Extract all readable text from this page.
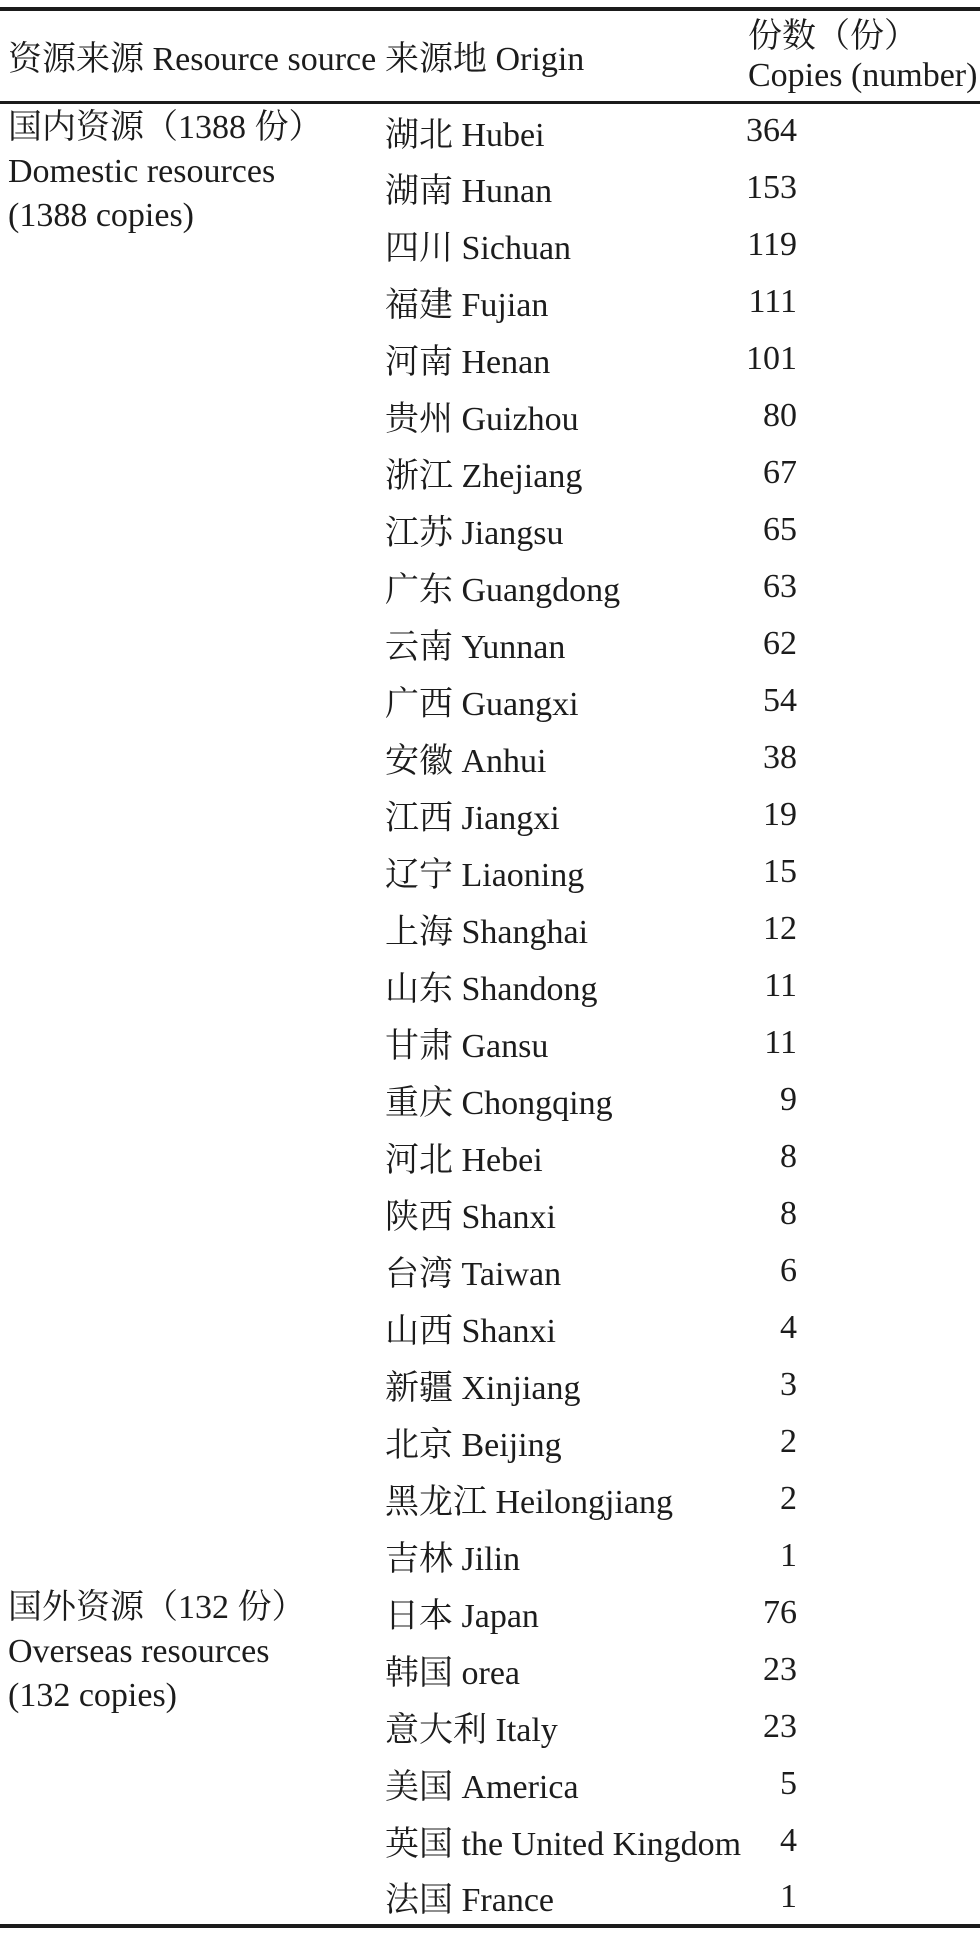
资源来源 Resource source	来源地 Origin	份数（份）
Copies (number)

国内资源（1388 份）
Domestic resources
(1388 copies)	湖北 Hubei	364
	湖南 Hunan	153
	四川 Sichuan	119
	福建 Fujian	111
	河南 Henan	101
	贵州 Guizhou	80
	浙江 Zhejiang	67
	江苏 Jiangsu	65
	广东 Guangdong	63
	云南 Yunnan	62
	广西 Guangxi	54
	安徽 Anhui	38
	江西 Jiangxi	19
	辽宁 Liaoning	15
	上海 Shanghai	12
	山东 Shandong	11
	甘肃 Gansu	11
	重庆 Chongqing	9
	河北 Hebei	8
	陕西 Shanxi	8
	台湾 Taiwan	6
	山西 Shanxi	4
	新疆 Xinjiang	3
	北京 Beijing	2
	黑龙江 Heilongjiang	2
	吉林 Jilin	1

国外资源（132 份）
Overseas resources
(132 copies)	日本 Japan	76
	韩国 orea	23
	意大利 Italy	23
	美国 America	5
	英国 the United Kingdom	4
	法国 France	1
